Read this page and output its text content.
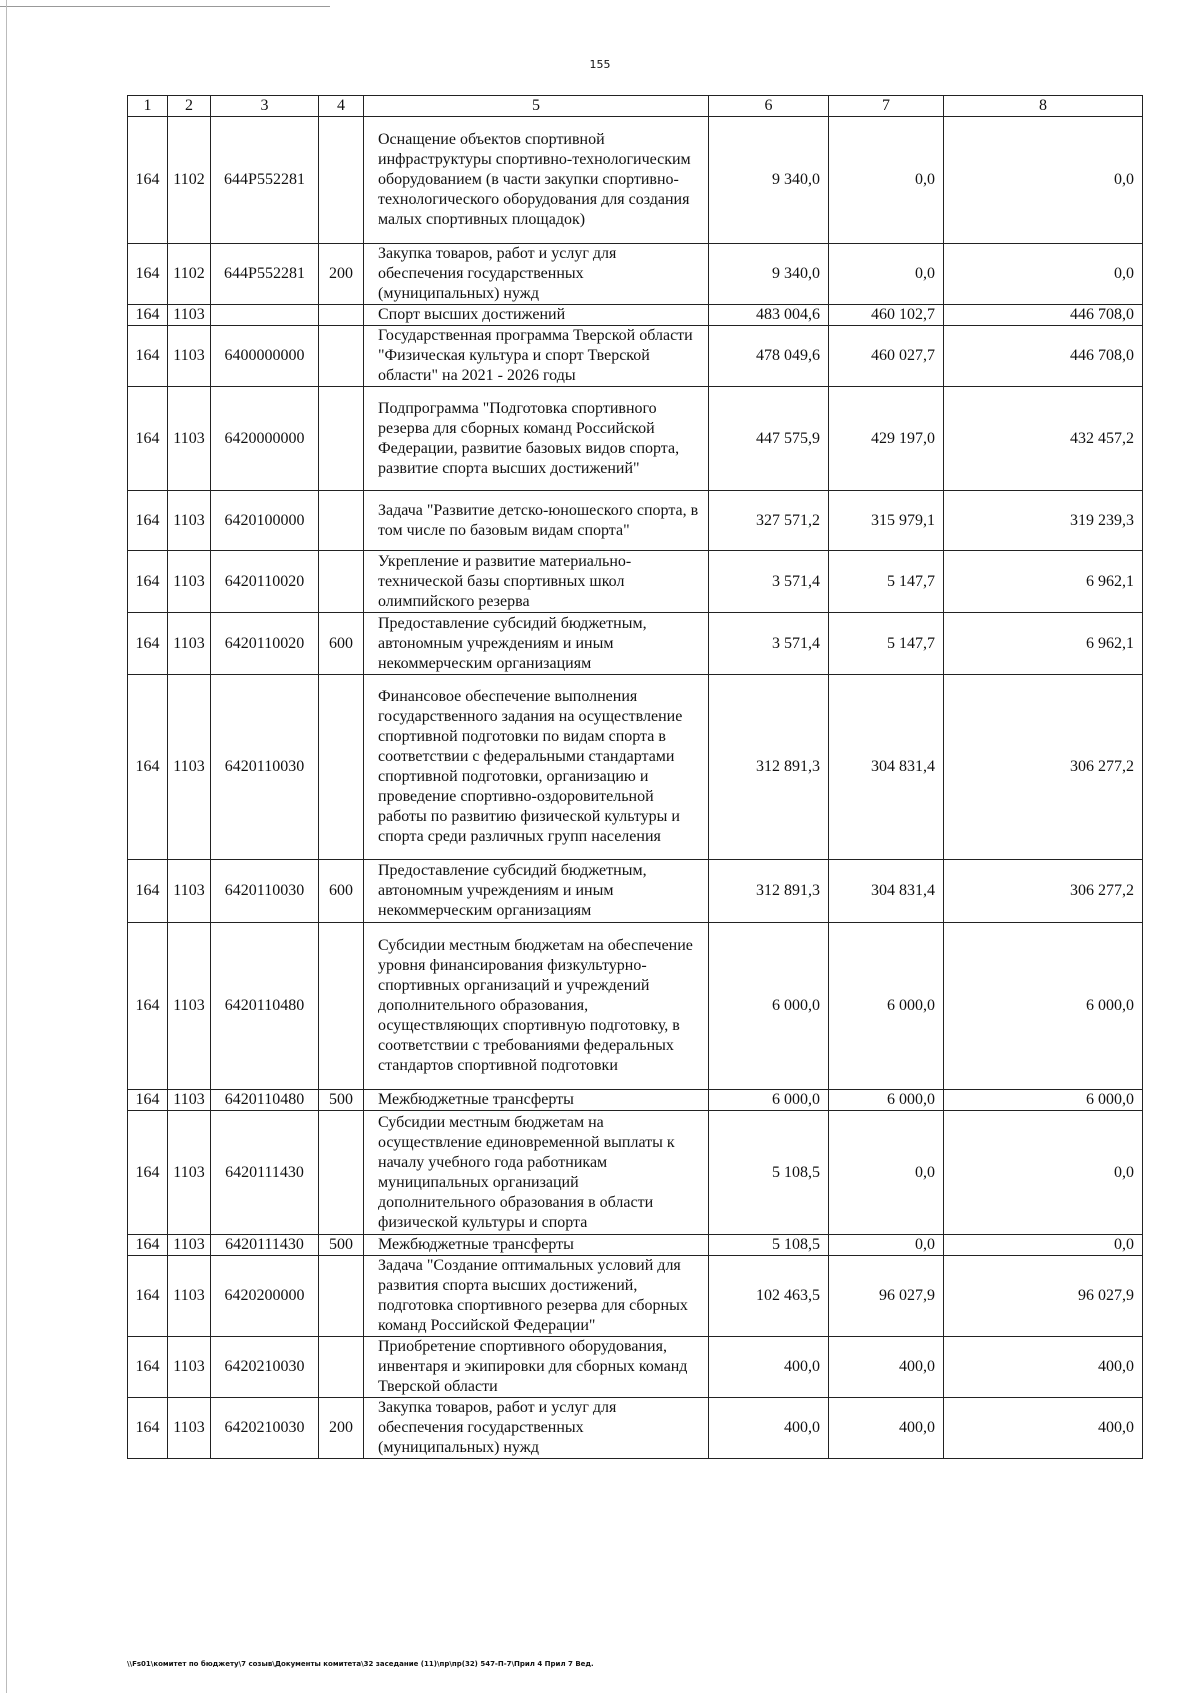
155
1	2	3	4	5	6	7	8
164	1102	644P552281		Оснащение объектов спортивной инфраструктуры спортивно-технологическим оборудованием (в части закупки спортивно-технологического оборудования для создания малых спортивных площадок)	9 340,0	0,0	0,0
164	1102	644P552281	200	Закупка товаров, работ и услуг для обеспечения государственных (муниципальных) нужд	9 340,0	0,0	0,0
164	1103			Спорт высших достижений	483 004,6	460 102,7	446 708,0
164	1103	6400000000		Государственная программа Тверской области "Физическая культура и спорт Тверской области" на 2021 - 2026 годы	478 049,6	460 027,7	446 708,0
164	1103	6420000000		Подпрограмма "Подготовка спортивного резерва для сборных команд Российской Федерации, развитие базовых видов спорта, развитие спорта высших достижений"	447 575,9	429 197,0	432 457,2
164	1103	6420100000		Задача "Развитие детско-юношеского спорта, в том числе по базовым видам спорта"	327 571,2	315 979,1	319 239,3
164	1103	6420110020		Укрепление и развитие материально-технической базы спортивных школ олимпийского резерва	3 571,4	5 147,7	6 962,1
164	1103	6420110020	600	Предоставление субсидий бюджетным, автономным учреждениям и иным некоммерческим организациям	3 571,4	5 147,7	6 962,1
164	1103	6420110030		Финансовое обеспечение выполнения государственного задания на осуществление спортивной подготовки по видам спорта в соответствии с федеральными стандартами спортивной подготовки, организацию и проведение спортивно-оздоровительной работы по развитию физической культуры и спорта среди различных групп населения	312 891,3	304 831,4	306 277,2
164	1103	6420110030	600	Предоставление субсидий бюджетным, автономным учреждениям и иным некоммерческим организациям	312 891,3	304 831,4	306 277,2
164	1103	6420110480		Субсидии местным бюджетам на обеспечение уровня финансирования физкультурно-спортивных организаций и учреждений дополнительного образования, осуществляющих спортивную подготовку, в соответствии с требованиями федеральных стандартов спортивной подготовки	6 000,0	6 000,0	6 000,0
164	1103	6420110480	500	Межбюджетные трансферты	6 000,0	6 000,0	6 000,0
164	1103	6420111430		Субсидии местным бюджетам на осуществление единовременной выплаты к началу учебного года работникам муниципальных организаций дополнительного образования в области физической культуры и спорта	5 108,5	0,0	0,0
164	1103	6420111430	500	Межбюджетные трансферты	5 108,5	0,0	0,0
164	1103	6420200000		Задача "Создание оптимальных условий для развития спорта высших достижений, подготовка спортивного резерва для сборных команд Российской Федерации"	102 463,5	96 027,9	96 027,9
164	1103	6420210030		Приобретение спортивного оборудования, инвентаря и экипировки для сборных команд Тверской области	400,0	400,0	400,0
164	1103	6420210030	200	Закупка товаров, работ и услуг для обеспечения государственных (муниципальных) нужд	400,0	400,0	400,0
\\Fs01\комитет по бюджету\7 созыв\Документы комитета\32 заседание (11)\пр\пр(32) 547-П-7\Прил 4 Прил 7 Вед.
